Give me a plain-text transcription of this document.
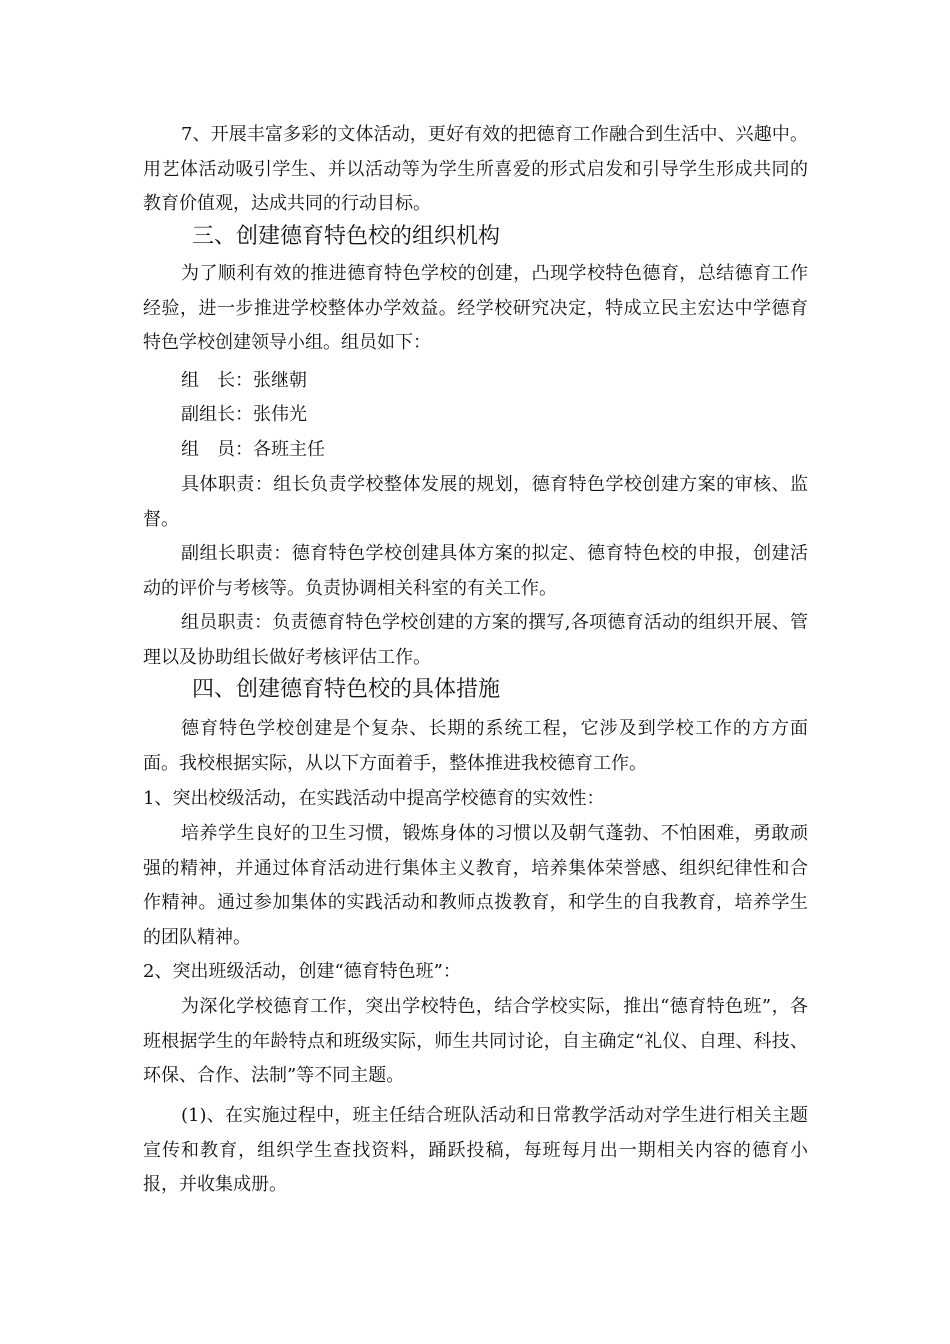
7、开展丰富多彩的文体活动，更好有效的把德育工作融合到生活中、兴趣中。用艺体活动吸引学生、并以活动等为学生所喜爱的形式启发和引导学生形成共同的教育价值观，达成共同的行动目标。

三、创建德育特色校的组织机构

为了顺利有效的推进德育特色学校的创建，凸现学校特色德育，总结德育工作经验，进一步推进学校整体办学效益。经学校研究决定，特成立民主宏达中学德育特色学校创建领导小组。组员如下：

组　长：张继朝

副组长：张伟光

组　员：各班主任

具体职责：组长负责学校整体发展的规划，德育特色学校创建方案的审核、监督。

副组长职责：德育特色学校创建具体方案的拟定、德育特色校的申报，创建活动的评价与考核等。负责协调相关科室的有关工作。

组员职责：负责德育特色学校创建的方案的撰写,各项德育活动的组织开展、管理以及协助组长做好考核评估工作。

四、创建德育特色校的具体措施

德育特色学校创建是个复杂、长期的系统工程，它涉及到学校工作的方方面面。我校根据实际，从以下方面着手，整体推进我校德育工作。

1、突出校级活动，在实践活动中提高学校德育的实效性：

培养学生良好的卫生习惯，锻炼身体的习惯以及朝气蓬勃、不怕困难，勇敢顽强的精神，并通过体育活动进行集体主义教育，培养集体荣誉感、组织纪律性和合作精神。通过参加集体的实践活动和教师点拨教育，和学生的自我教育，培养学生的团队精神。

2、突出班级活动，创建“德育特色班”：

为深化学校德育工作，突出学校特色，结合学校实际，推出“德育特色班”，各班根据学生的年龄特点和班级实际，师生共同讨论，自主确定“礼仪、自理、科技、环保、合作、法制”等不同主题。

(1)、在实施过程中，班主任结合班队活动和日常教学活动对学生进行相关主题宣传和教育，组织学生查找资料，踊跃投稿，每班每月出一期相关内容的德育小报，并收集成册。
